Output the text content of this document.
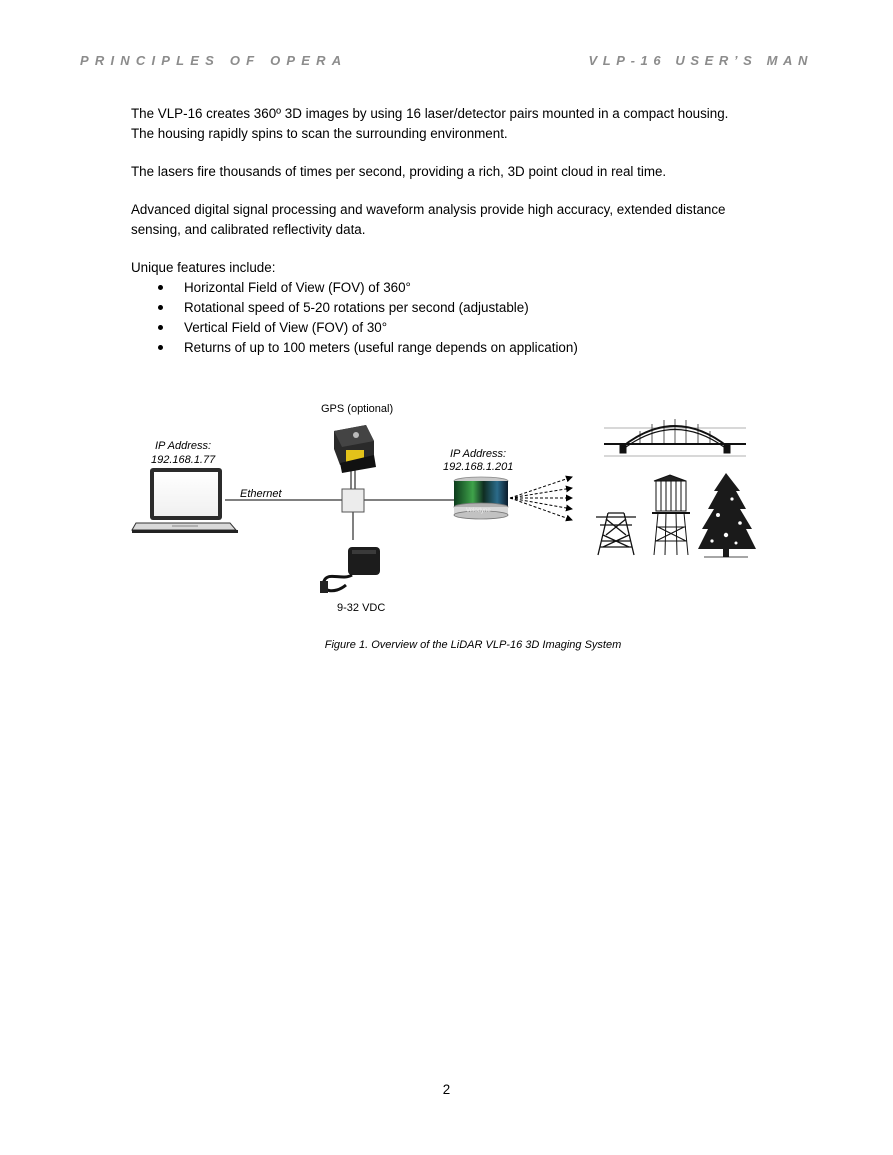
PRINCIPLES OF OPERA	VLP-16 USER’S MAN

The VLP-16 creates 360º 3D images by using 16 laser/detector pairs mounted in a compact housing. The housing rapidly spins to scan the surrounding environment.

The lasers fire thousands of times per second, providing a rich, 3D point cloud in real time.

Advanced digital signal processing and waveform analysis provide high accuracy, extended distance sensing, and calibrated reflectivity data.

Unique features include:

Horizontal Field of View (FOV) of 360°
Rotational speed of 5-20 rotations per second (adjustable)
Vertical Field of View (FOV) of 30°
Returns of up to 100 meters (useful range depends on application)
GPS (optional)
IP Address:
192.168.1.77	IP Address:
192.168.1.201
Ethernet
9-32 VDC
Velodyne
Figure 1. Overview of the LiDAR VLP-16 3D Imaging System
2
